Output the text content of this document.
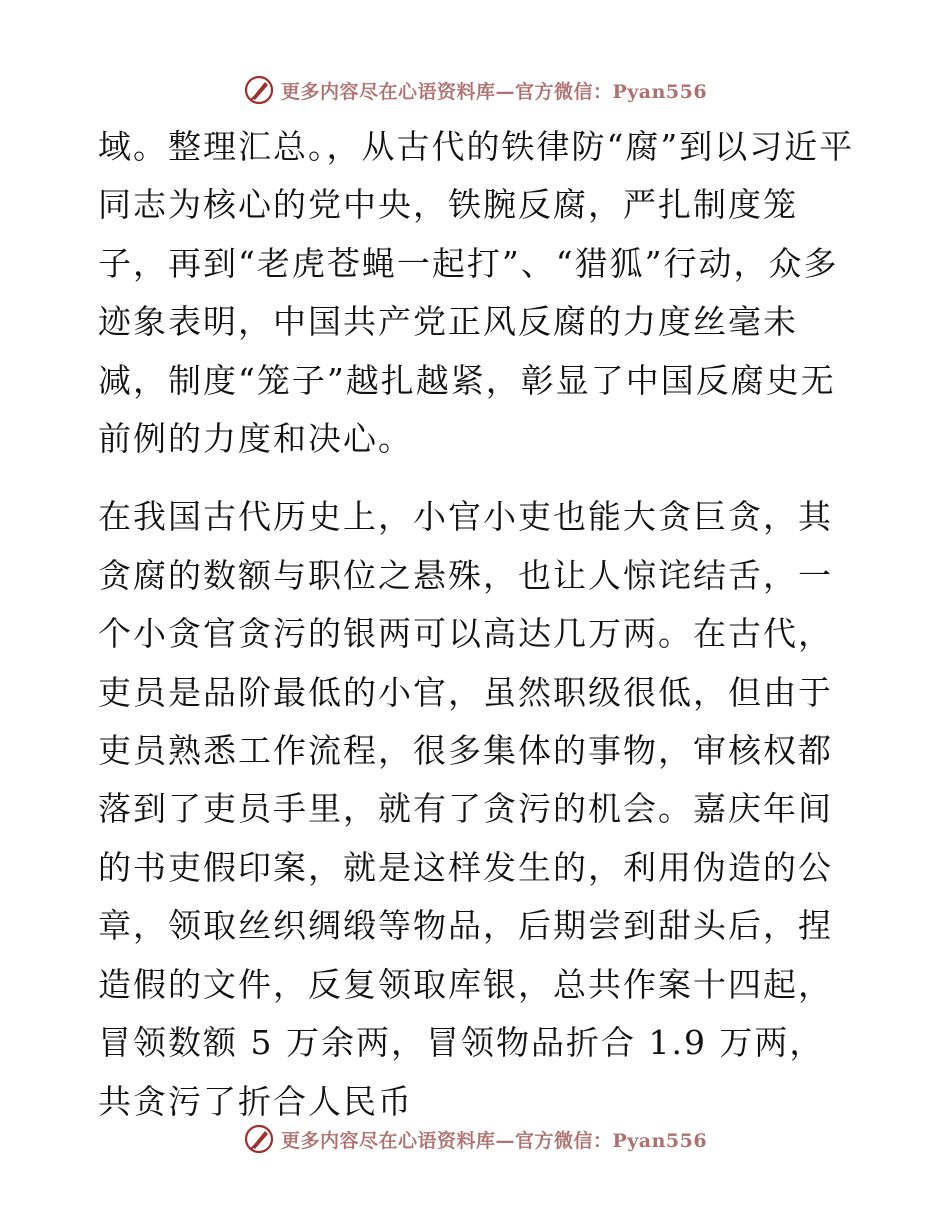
更多内容尽在心语资料库—官方微信：Pyan556

域。整理汇总。，从古代的铁律防“腐”到以习近平同志为核心的党中央，铁腕反腐，严扎制度笼子，再到“老虎苍蝇一起打”、“猎狐”行动，众多迹象表明，中国共产党正风反腐的力度丝毫未减，制度“笼子”越扎越紧，彰显了中国反腐史无前例的力度和决心。

在我国古代历史上，小官小吏也能大贪巨贪，其贪腐的数额与职位之悬殊，也让人惊诧结舌，一个小贪官贪污的银两可以高达几万两。在古代，吏员是品阶最低的小官，虽然职级很低，但由于吏员熟悉工作流程，很多集体的事物，审核权都落到了吏员手里，就有了贪污的机会。嘉庆年间的书吏假印案，就是这样发生的，利用伪造的公章，领取丝织绸缎等物品，后期尝到甜头后，捏造假的文件，反复领取库银，总共作案十四起，冒领数额 5 万余两，冒领物品折合 1.9 万两，共贪污了折合人民币

更多内容尽在心语资料库—官方微信：Pyan556
